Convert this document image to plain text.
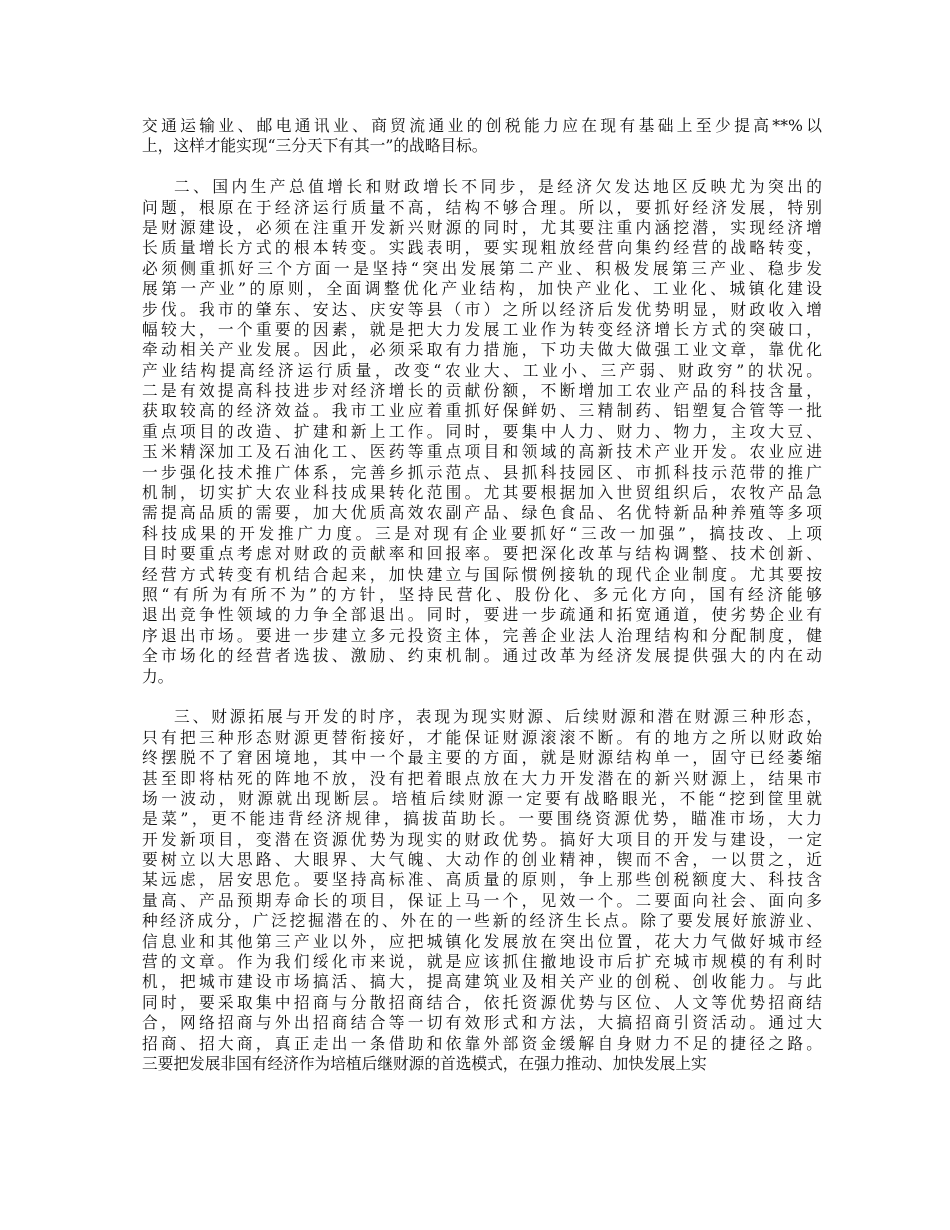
交通运输业、邮电通讯业、商贸流通业的创税能力应在现有基础上至少提高**%以
上，这样才能实现“三分天下有其一”的战略目标。
二、国内生产总值增长和财政增长不同步，是经济欠发达地区反映尤为突出的
问题，根原在于经济运行质量不高，结构不够合理。所以，要抓好经济发展，特别
是财源建设，必须在注重开发新兴财源的同时，尤其要注重内涵挖潜，实现经济增
长质量增长方式的根本转变。实践表明，要实现粗放经营向集约经营的战略转变，
必须侧重抓好三个方面一是坚持“突出发展第二产业、积极发展第三产业、稳步发
展第一产业”的原则，全面调整优化产业结构，加快产业化、工业化、城镇化建设
步伐。我市的肇东、安达、庆安等县（市）之所以经济后发优势明显，财政收入增
幅较大，一个重要的因素，就是把大力发展工业作为转变经济增长方式的突破口，
牵动相关产业发展。因此，必须采取有力措施，下功夫做大做强工业文章，靠优化
产业结构提高经济运行质量，改变“农业大、工业小、三产弱、财政穷”的状况。
二是有效提高科技进步对经济增长的贡献份额，不断增加工农业产品的科技含量，
获取较高的经济效益。我市工业应着重抓好保鲜奶、三精制药、铝塑复合管等一批
重点项目的改造、扩建和新上工作。同时，要集中人力、财力、物力，主攻大豆、
玉米精深加工及石油化工、医药等重点项目和领域的高新技术产业开发。农业应进
一步强化技术推广体系，完善乡抓示范点、县抓科技园区、市抓科技示范带的推广
机制，切实扩大农业科技成果转化范围。尤其要根据加入世贸组织后，农牧产品急
需提高品质的需要，加大优质高效农副产品、绿色食品、名优特新品种养殖等多项
科技成果的开发推广力度。三是对现有企业要抓好“三改一加强”，搞技改、上项
目时要重点考虑对财政的贡献率和回报率。要把深化改革与结构调整、技术创新、
经营方式转变有机结合起来，加快建立与国际惯例接轨的现代企业制度。尤其要按
照“有所为有所不为”的方针，坚持民营化、股份化、多元化方向，国有经济能够
退出竞争性领域的力争全部退出。同时，要进一步疏通和拓宽通道，使劣势企业有
序退出市场。要进一步建立多元投资主体，完善企业法人治理结构和分配制度，健
全市场化的经营者选拔、激励、约束机制。通过改革为经济发展提供强大的内在动
力。
三、财源拓展与开发的时序，表现为现实财源、后续财源和潜在财源三种形态，
只有把三种形态财源更替衔接好，才能保证财源滚滚不断。有的地方之所以财政始
终摆脱不了窘困境地，其中一个最主要的方面，就是财源结构单一，固守已经萎缩
甚至即将枯死的阵地不放，没有把着眼点放在大力开发潜在的新兴财源上，结果市
场一波动，财源就出现断层。培植后续财源一定要有战略眼光，不能“挖到筐里就
是菜”，更不能违背经济规律，搞拔苗助长。一要围绕资源优势，瞄准市场，大力
开发新项目，变潜在资源优势为现实的财政优势。搞好大项目的开发与建设，一定
要树立以大思路、大眼界、大气魄、大动作的创业精神，锲而不舍，一以贯之，近
某远虑，居安思危。要坚持高标准、高质量的原则，争上那些创税额度大、科技含
量高、产品预期寿命长的项目，保证上马一个，见效一个。二要面向社会、面向多
种经济成分，广泛挖掘潜在的、外在的一些新的经济生长点。除了要发展好旅游业、
信息业和其他第三产业以外，应把城镇化发展放在突出位置，花大力气做好城市经
营的文章。作为我们绥化市来说，就是应该抓住撤地设市后扩充城市规模的有利时
机，把城市建设市场搞活、搞大，提高建筑业及相关产业的创税、创收能力。与此
同时，要采取集中招商与分散招商结合，依托资源优势与区位、人文等优势招商结
合，网络招商与外出招商结合等一切有效形式和方法，大搞招商引资活动。通过大
招商、招大商，真正走出一条借助和依靠外部资金缓解自身财力不足的捷径之路。
三要把发展非国有经济作为培植后继财源的首选模式，在强力推动、加快发展上实
